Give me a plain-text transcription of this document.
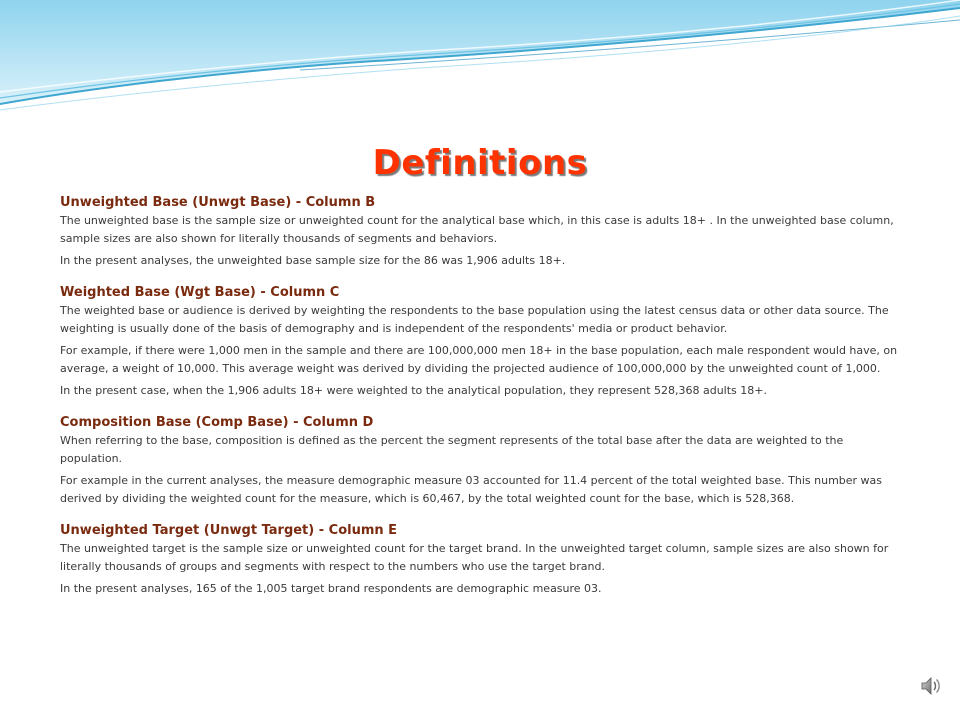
Definitions
Unweighted Base (Unwgt Base) - Column B

The unweighted base is the sample size or unweighted count for the analytical base which, in this case is adults 18+ . In the unweighted base column, sample sizes are also shown for literally thousands of segments and behaviors.

In the present analyses, the unweighted base sample size for the 86 was 1,906 adults 18+.

Weighted Base (Wgt Base) - Column C

The weighted base or audience is derived by weighting the respondents to the base population using the latest census data or other data source. The weighting is usually done of the basis of demography and is independent of the respondents' media or product behavior.

For example, if there were 1,000 men in the sample and there are 100,000,000 men 18+ in the base population, each male respondent would have, on average, a weight of 10,000. This average weight was derived by dividing the projected audience of 100,000,000 by the unweighted count of 1,000.

In the present case, when the 1,906 adults 18+ were weighted to the analytical population, they represent 528,368 adults 18+.

Composition Base (Comp Base) - Column D

When referring to the base, composition is defined as the percent the segment represents of the total base after the data are weighted to the population.

For example in the current analyses, the measure demographic measure 03 accounted for 11.4 percent of the total weighted base. This number was derived by dividing the weighted count for the measure, which is 60,467, by the total weighted count for the base, which is 528,368.

Unweighted Target (Unwgt Target) - Column E

The unweighted target is the sample size or unweighted count for the target brand. In the unweighted target column, sample sizes are also shown for literally thousands of groups and segments with respect to the numbers who use the target brand.

In the present analyses, 165 of the 1,005 target brand respondents are demographic measure 03.
